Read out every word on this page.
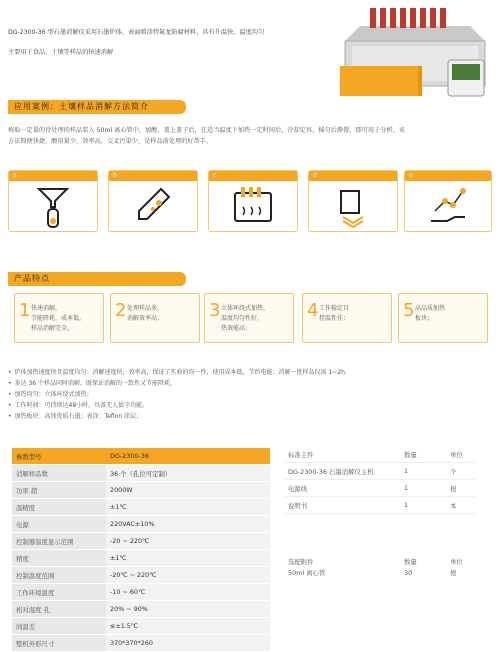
DG-2300-36 型石墨消解仪采用石墨炉体，表面喷涂特氟龙防腐材料，具有升温快、温度均匀
主要用于食品、土壤等样品的快速消解
应用案例：土壤样品消解方法简介
称取一定量的待处理的样品装入 50ml 离心管中，加酸，盖上盖子后，在适当温度下加热一定时间后，冷却定容，摇匀后静置，即可用于分析。该方法简便快捷，酸用量少，效率高，交叉污染少，是样品前处理的好帮手。
a	b	c	d	e
产品特点
1 快速消解，
节能降耗，成本低。
样品消解完全。
2 处理样品多，
消解效率高；	3 立体环绕式加热，
温度均匀性好，
热效能高；
4 工作稳定且
控温性佳；	5 高品质加热
板块；
• 炉体加热速度快且温度均匀：消解速度快，效率高，保证了实验的均一性，使用成本低，节约电能；消解一批样品仅需 1~2h.
• 多达 36 个样品同时消解，既保证消解的一致性又节能降耗。
• 加热均匀：立体环绕式加热；
• 工作时间：可持续达48小时，具备无人值守功能。
• 加热板块：高纯优质石墨；表涂：Teflon 涂层；
参数型号	DG-2300-36
消解样品数	36 个（孔位可定制）
功率 超	2000W
温精度	±1℃
电源	220VAC±10%
控制器温度显示范围	-20 ~ 220℃
精度	±1℃
控制温度范围	-20℃ ~ 220℃
工作环境温度	-10 ~ 60℃
相对湿度 孔	20% ~ 90%
间温差	≤±1.5℃
整机外形尺寸	370*370*260
标准主件	数量	单位
DG-2300-36 石墨消解仪主机	1	个
电源线	1	根
说明书	1	本
选配附件	数量	单位
50ml 离心管	30	根
